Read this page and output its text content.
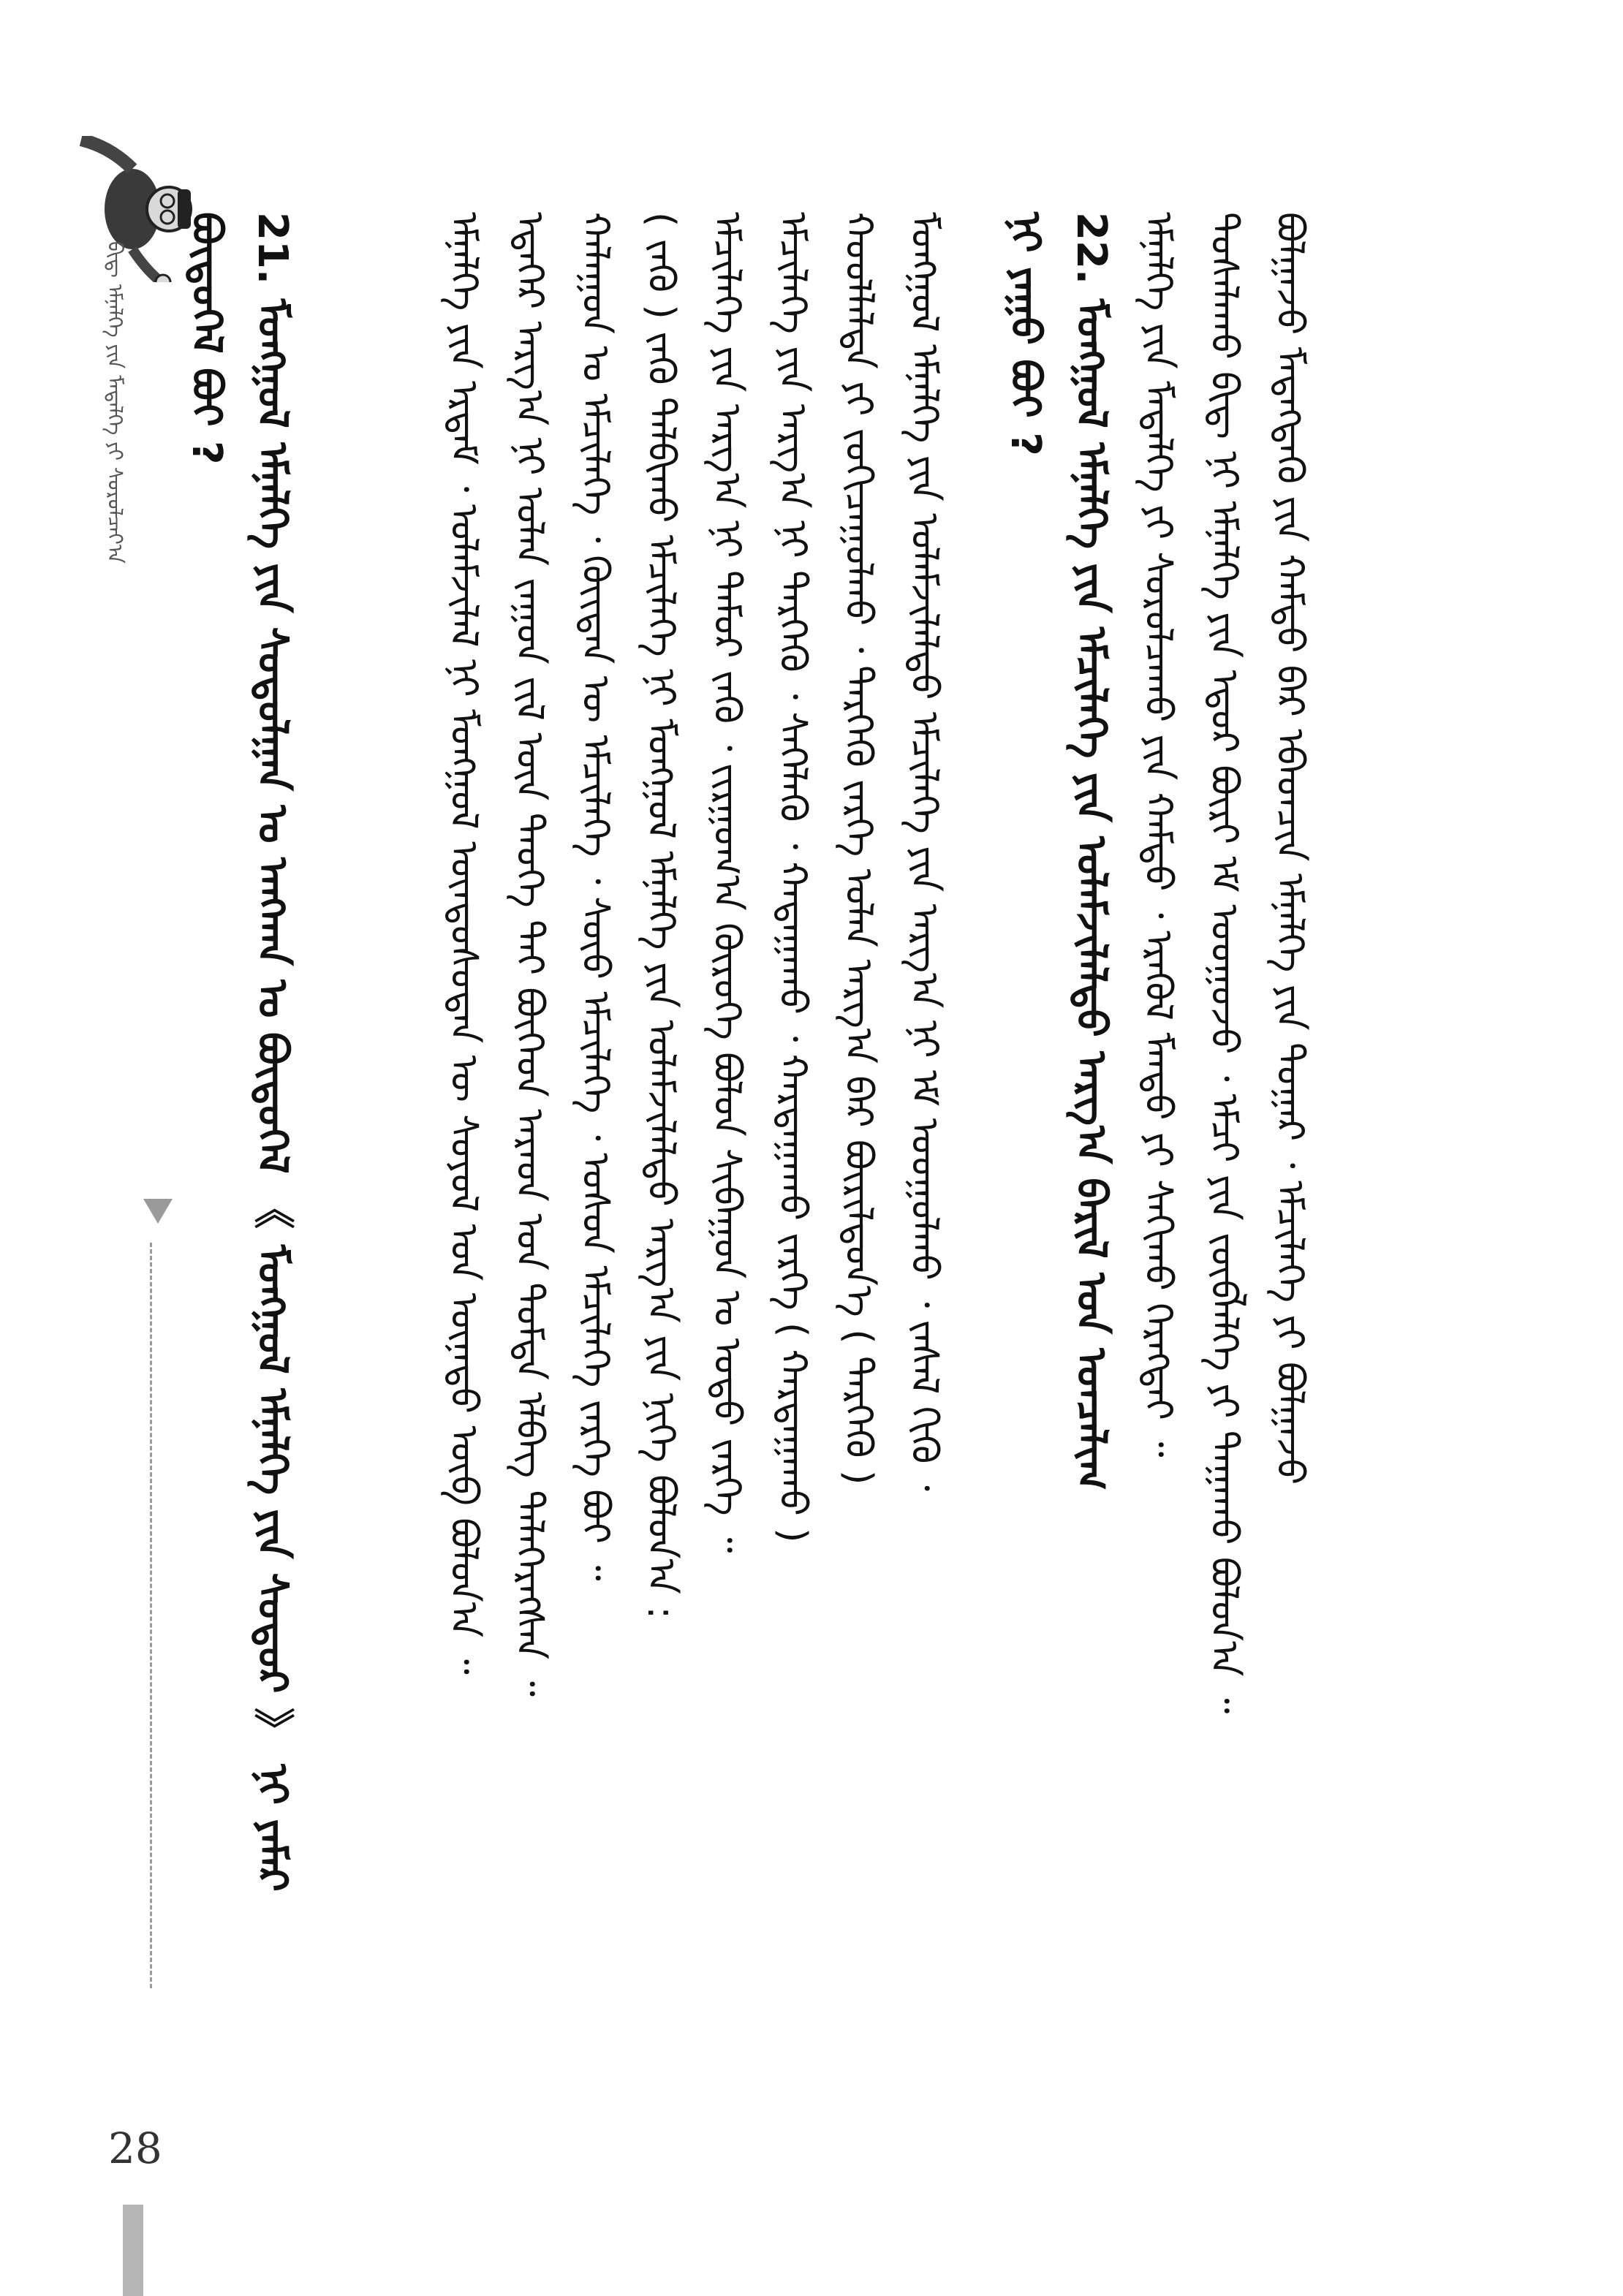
ᠪᠢᠳ᠋ ᠡᠮᠨᠡᠯᠭᠡ ᠶᠢᠨ ᠮᠡᠳᠡᠯᠭᠡ ᠶᠢ ᠰᠤᠷᠤᠯᠴᠠᠶ᠎ᠠ	ᠪᠣᠯᠭᠠᠵᠤ ᠮᠡᠳᠡᠭᠳᠡᠬᠦ ᠶᠢᠨ ᠬᠠᠮᠲᠤ ᠪᠡᠷ ᠡᠪᠡᠳᠴᠢᠨ ᠡᠮᠨᠡᠯᠭᠡ ᠶᠢᠨ ᠳᠤᠭᠠᠷ ᠂ ᠡᠮᠴᠢᠯᠡᠭᠡ ᠶᠢ ᠪᠣᠯᠭᠠᠵᠤ
ᠲᠤᠰᠠᠯᠠᠬᠤ ᠪᠢᠳ᠋ ᠨᠢ ᠡᠮᠨᠡᠯᠭᠡ ᠶᠢᠨ ᠡᠳᠦᠷ ᠪᠦᠷᠢ ᠡᠮ ᠤᠤᠭᠤᠵᠤ ᠂ ᠡᠮᠴᠢ ᠶᠢᠨ ᠵᠥᠪᠯᠡᠯᠭᠡ ᠶᠢ ᠳᠠᠭᠠᠬᠤ ᠪᠣᠯᠤᠨ᠎ᠠ ᠃
ᠡᠮᠨᠡᠯᠭᠡ ᠶᠢᠨ ᠮᠡᠳᠡᠯᠭᠡ ᠶᠢ ᠰᠤᠷᠤᠯᠴᠠᠬᠤ ᠶᠢᠨ ᠬᠠᠮᠲᠤ ᠂ ᠡᠷᠡᠭᠦᠯ ᠮᠡᠨᠳᠦ ᠶᠢ ᠰᠠᠬᠢᠬᠤ ᠬᠡᠷᠡᠭᠲᠡᠢ ᠃
22. ᠮᠣᠩᠭᠣᠯ ᠡᠮᠨᠡᠯᠭᠡ ᠶᠢᠨ ᠡᠮᠴᠢᠯᠡᠭᠡ ᠶᠢᠨ ᠤᠯᠠᠮᠵᠢᠯᠠᠯᠳᠤ ᠠᠷᠭ᠎ᠠ ᠪᠠᠷᠢᠯ ᠤᠨ ᠣᠨᠴᠠᠯᠢᠭ
ᠨᠢ ᠶᠠᠭᠤ ᠪᠣᠢ ?
ᠮᠣᠩᠭᠣᠯ ᠡᠮᠨᠡᠯᠭᠡ ᠶᠢᠨ ᠤᠯᠠᠮᠵᠢᠯᠠᠯᠳᠤ ᠡᠮᠴᠢᠯᠡᠭᠡ ᠶᠢᠨ ᠠᠷᠭ᠎ᠠ ᠨᠢ ᠡᠮ ᠤᠤᠭᠤᠯᠬᠤ ᠂ ᠵᠠᠰᠠᠯ ᠬᠢᠬᠦ ᠂
ᠬᠣᠣᠯᠯᠠᠯᠲᠠ ᠶᠢ ᠵᠣᠬᠢᠴᠠᠭᠤᠯᠬᠤ ᠂ ᠲᠡᠷᠭᠡᠬᠦ ᠵᠡᠷᠭᠡ ᠣᠯᠠᠨ ᠠᠷᠭ᠎ᠠ ᠪᠠᠷ ᠪᠦᠷᠢᠯᠳᠦᠨ᠎ᠡ ( ᠲᠡᠷᠭᠡᠬᠦ )
ᠡᠮᠴᠢᠯᠡᠭᠡ ᠶᠢᠨ ᠠᠷᠭ᠎ᠠ ᠨᠢ ᠲᠡᠷᠭᠡᠬᠦ ᠂ ᠰᠡᠭᠡᠯᠡᠬᠦ ᠂ ᠬᠠᠲᠠᠭᠠᠬᠤ ᠂ ᠬᠠᠷᠲᠠᠭᠠᠬᠤ ᠵᠡᠷᠭᠡ ( ᠬᠠᠷᠲᠠᠭᠠᠬᠤ )
ᠡᠮᠴᠢᠯᠡᠭᠡ ᠶᠢᠨ ᠠᠷᠭ᠎ᠠ ᠨᠢ ᠲᠡᠮᠦᠷ ᠵᠡᠭᠦ ᠂ ᠵᠢᠷᠭᠤᠭ᠎ᠠ ᠬᠥᠷᠦᠭᠡ ᠪᠣᠯᠤᠨ ᠰᠢᠪᠠᠭᠤᠨ ᠤ ᠣᠳᠤ ᠵᠡᠷᠭᠡ ᠃
( ᠵᠡᠭᠦ ) ᠵᠡᠭᠦ ᠲᠠᠯᠪᠢᠬᠤ ᠡᠮᠴᠢᠯᠡᠭᠡ ᠨᠢ ᠮᠣᠩᠭᠣᠯ ᠡᠮᠨᠡᠯᠭᠡ ᠶᠢᠨ ᠤᠯᠠᠮᠵᠢᠯᠠᠯᠳᠤ ᠠᠷᠭ᠎ᠠ ᠶᠢᠨ ᠨᠢᠭᠡ ᠪᠣᠯᠤᠨ᠎ᠠ :
ᠬᠠᠯᠠᠭᠤᠨ ᠤ ᠡᠮᠴᠢᠯᠡᠭᠡ ᠂ ᠬᠦᠢᠲᠡᠨ ᠦ ᠡᠮᠴᠢᠯᠡᠭᠡ ᠂ ᠰᠦᠦ ᠡᠮᠴᠢᠯᠡᠭᠡ ᠂ ᠤᠰᠤᠨ ᠡᠮᠴᠢᠯᠡᠭᠡ ᠵᠡᠷᠭᠡ ᠪᠣᠢ ᠃
ᠡᠳᠡᠭᠡᠷ ᠠᠷᠭ᠎ᠠ ᠨᠢ ᠣᠯᠠᠨ ᠵᠠᠭᠤᠨ ᠵᠢᠯ ᠦᠨ ᠲᠡᠦᠬᠡ ᠲᠡᠢ ᠪᠥᠭᠡᠳ ᠠᠷᠠᠳ ᠤᠨ ᠳᠤᠮᠳᠠ ᠡᠯᠪᠡᠭ ᠲᠡᠯᠡᠭᠡᠷᠡᠭᠰᠡᠨ ᠃
ᠡᠮᠨᠡᠯᠭᠡ ᠶᠢᠨ ᠡᠷᠳᠡᠮ ᠂ ᠤᠯᠠᠮᠵᠢᠯᠠᠯ ᠨᠢ ᠮᠣᠩᠭᠣᠯ ᠦᠨᠳᠦᠰᠦᠲᠡᠨ ᠦ ᠰᠣᠶᠣᠯ ᠤᠨ ᠦᠨᠡᠲᠦ ᠥᠪ ᠪᠣᠯᠤᠨ᠎ᠠ ᠃
21. ᠮᠣᠩᠭᠣᠯ ᠡᠮᠨᠡᠯᠭᠡ ᠶᠢᠨ ᠰᠤᠳᠤᠯᠭᠠᠨ ᠤ ᠠᠩᠬᠠᠨ ᠤ ᠪᠦᠲᠦᠭᠡᠯ 《 ᠮᠣᠩᠭᠣᠯ ᠡᠮᠨᠡᠯᠭᠡ ᠶᠢᠨ ᠰᠤᠳᠤᠷ 》 ᠨᠢ ᠶᠠᠮᠠᠷ
ᠪᠦᠲᠦᠭᠡᠯ ᠪᠣᠢ ?
28
